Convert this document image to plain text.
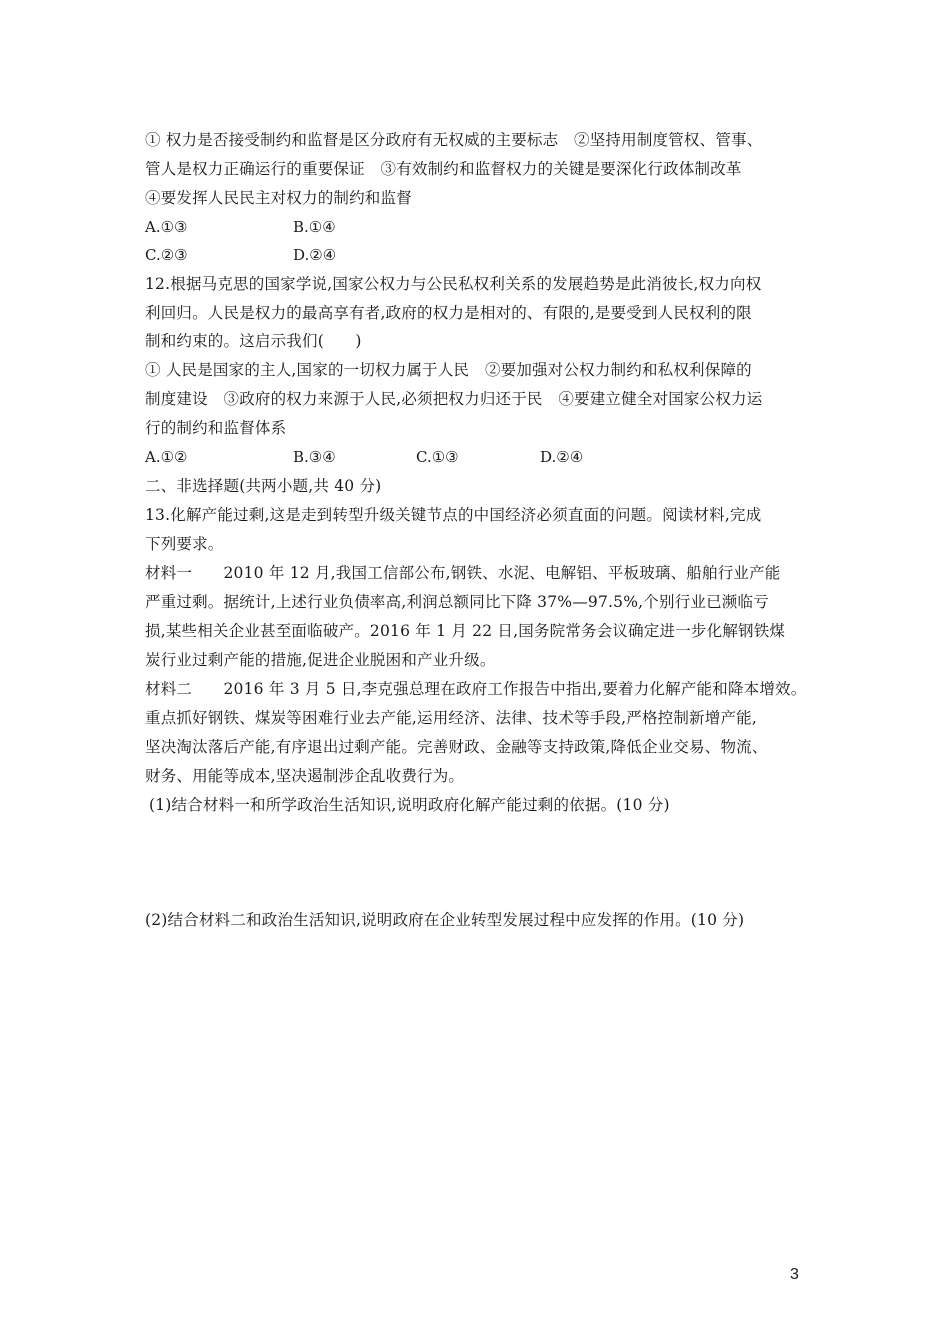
① 权力是否接受制约和监督是区分政府有无权威的主要标志　②坚持用制度管权、管事、
管人是权力正确运行的重要保证　③有效制约和监督权力的关键是要深化行政体制改革
④要发挥人民民主对权力的制约和监督
A.①③	B.①④
C.②③	D.②④
12.根据马克思的国家学说,国家公权力与公民私权利关系的发展趋势是此消彼长,权力向权
利回归。人民是权力的最高享有者,政府的权力是相对的、有限的,是要受到人民权利的限
制和约束的。这启示我们(　　)
① 人民是国家的主人,国家的一切权力属于人民　②要加强对公权力制约和私权利保障的
制度建设　③政府的权力来源于人民,必须把权力归还于民　④要建立健全对国家公权力运
行的制约和监督体系
A.①②	B.③④	C.①③	D.②④
二、非选择题(共两小题,共 40 分)
13.化解产能过剩,这是走到转型升级关键节点的中国经济必须直面的问题。阅读材料,完成
下列要求。
材料一　　2010 年 12 月,我国工信部公布,钢铁、水泥、电解铝、平板玻璃、船舶行业产能
严重过剩。据统计,上述行业负债率高,利润总额同比下降 37%—97.5%,个别行业已濒临亏
损,某些相关企业甚至面临破产。2016 年 1 月 22 日,国务院常务会议确定进一步化解钢铁煤
炭行业过剩产能的措施,促进企业脱困和产业升级。
材料二　　2016 年 3 月 5 日,李克强总理在政府工作报告中指出,要着力化解产能和降本增效。
重点抓好钢铁、煤炭等困难行业去产能,运用经济、法律、技术等手段,严格控制新增产能,
坚决淘汰落后产能,有序退出过剩产能。完善财政、金融等支持政策,降低企业交易、物流、
财务、用能等成本,坚决遏制涉企乱收费行为。
(1)结合材料一和所学政治生活知识,说明政府化解产能过剩的依据。(10 分)
(2)结合材料二和政治生活知识,说明政府在企业转型发展过程中应发挥的作用。(10 分)
3
